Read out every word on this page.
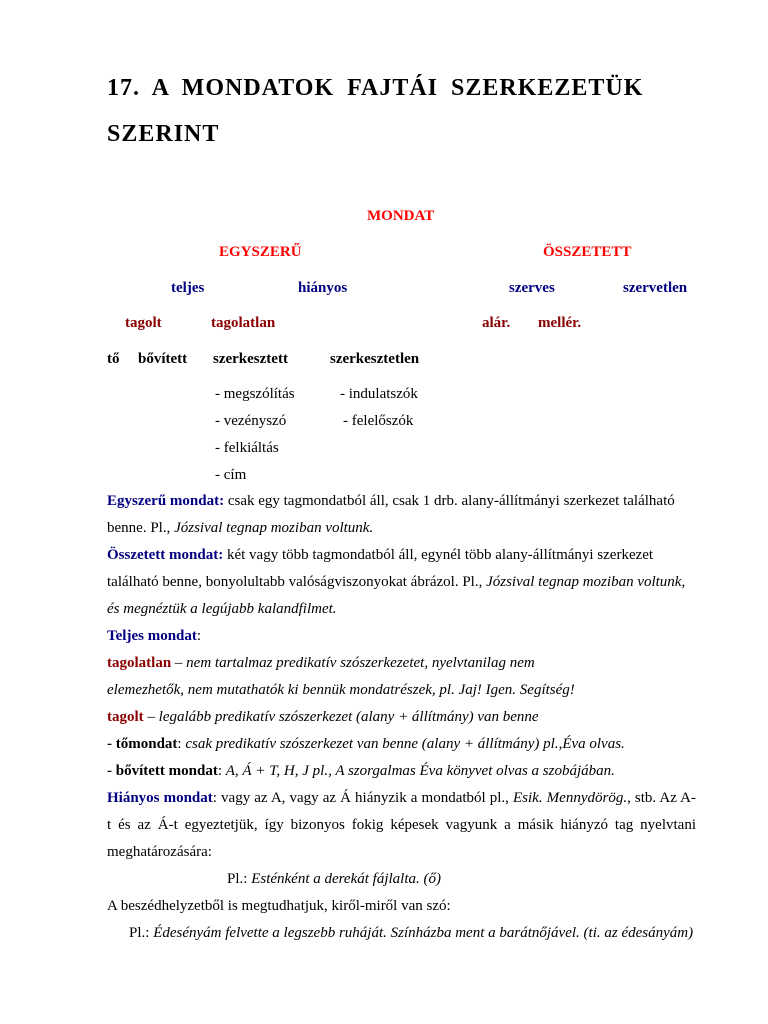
17. A MONDATOK FAJTÁI SZERKEZETÜK
SZERINT
MONDAT
EGYSZERŰ	ÖSSZETETT
teljes	hiányos	szerves	szervetlen
tagolt	tagolatlan	alár. mellér.
tő bővített szerkesztett	szerkesztetlen
- megszólítás
- vezényszó
- felkiáltás
- cím
- indulatszók
- felelőszók
Egyszerű mondat: csak egy tagmondatból áll, csak 1 drb. alany-állítmányi szerkezet található
benne. Pl., Józsival tegnap moziban voltunk.
Összetett mondat: két vagy több tagmondatból áll, egynél több alany-állítmányi szerkezet
található benne, bonyolultabb valóságviszonyokat ábrázol. Pl., Józsival tegnap moziban voltunk,
és megnéztük a legújabb kalandfilmet.
Teljes mondat:
tagolatlan – nem tartalmaz predikatív szószerkezetet, nyelvtanilag nem
elemezhetők, nem mutathatók ki bennük mondatrészek, pl. Jaj! Igen. Segítség!
tagolt – legalább predikatív szószerkezet (alany + állítmány) van benne
- tőmondat: csak predikatív szószerkezet van benne (alany + állítmány) pl.,Éva olvas.
- bővített mondat: A, Á + T, H, J pl., A szorgalmas Éva könyvet olvas a szobájában.
Hiányos mondat: vagy az A, vagy az Á hiányzik a mondatból pl., Esik. Mennydörög., stb. Az A-
t és az Á-t egyeztetjük, így bizonyos fokig képesek vagyunk a másik hiányzó tag nyelvtani
meghatározására:
Pl.: Esténként a derekát fájlalta. (ő)
A beszédhelyzetből is megtudhatjuk, kiről-miről van szó:
Pl.: Édesényám felvette a legszebb ruháját. Színházba ment a barátnőjável. (ti. az édesányám)
